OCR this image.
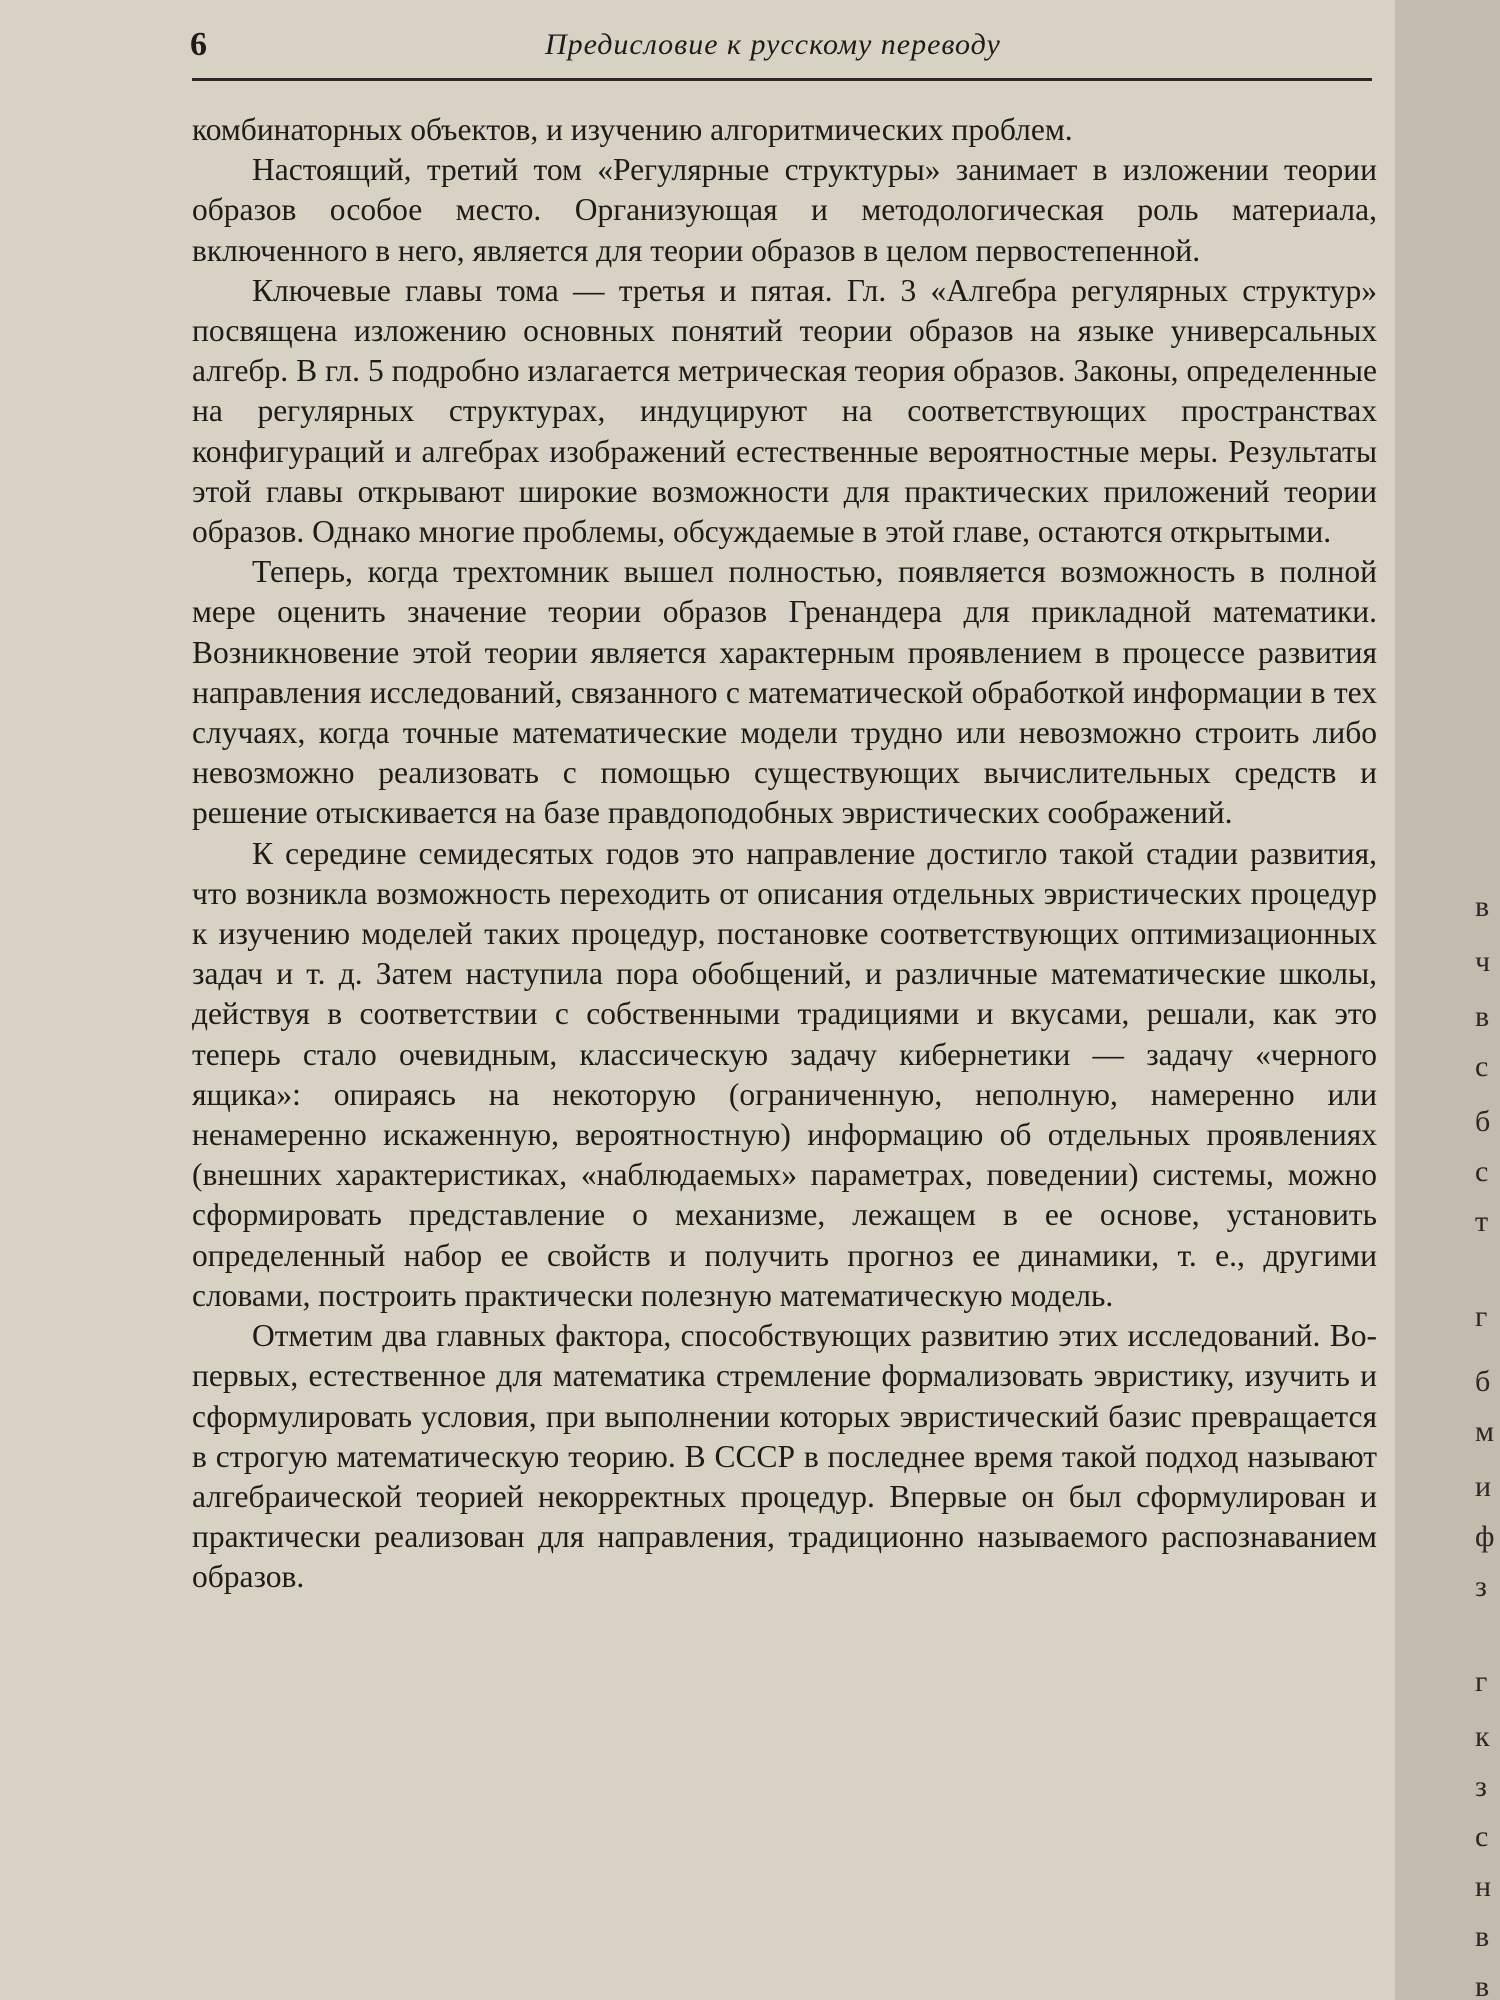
6	Предисловие к русскому переводу

комбинаторных объектов, и изучению алгоритмических проблем.

Настоящий, третий том «Регулярные структуры» занимает в изложении теории образов особое место. Организующая и методологическая роль материала, включенного в него, является для теории образов в целом первостепенной.

Ключевые главы тома — третья и пятая. Гл. 3 «Алгебра регулярных структур» посвящена изложению основных понятий теории образов на языке универсальных алгебр. В гл. 5 подробно излагается метрическая теория образов. Законы, определенные на регулярных структурах, индуцируют на соответствующих пространствах конфигураций и алгебрах изображений естественные вероятностные меры. Результаты этой главы открывают широкие возможности для практических приложений теории образов. Однако многие проблемы, обсуждаемые в этой главе, остаются открытыми.

Теперь, когда трехтомник вышел полностью, появляется возможность в полной мере оценить значение теории образов Гренандера для прикладной математики. Возникновение этой теории является характерным проявлением в процессе развития направления исследований, связанного с математической обработкой информации в тех случаях, когда точные математические модели трудно или невозможно строить либо невозможно реализовать с помощью существующих вычислительных средств и решение отыскивается на базе правдоподобных эвристических соображений.

К середине семидесятых годов это направление достигло такой стадии развития, что возникла возможность переходить от описания отдельных эвристических процедур к изучению моделей таких процедур, постановке соответствующих оптимизационных задач и т. д. Затем наступила пора обобщений, и различные математические школы, действуя в соответствии с собственными традициями и вкусами, решали, как это теперь стало очевидным, классическую задачу кибернетики — задачу «черного ящика»: опираясь на некоторую (ограниченную, неполную, намеренно или ненамеренно искаженную, вероятностную) информацию об отдельных проявлениях (внешних характеристиках, «наблюдаемых» параметрах, поведении) системы, можно сформировать представление о механизме, лежащем в ее основе, установить определенный набор ее свойств и получить прогноз ее динамики, т. е., другими словами, построить практически полезную математическую модель.

Отметим два главных фактора, способствующих развитию этих исследований. Во-первых, естественное для математика стремление формализовать эвристику, изучить и сформулировать условия, при выполнении которых эвристический базис превращается в строгую математическую теорию. В СССР в последнее время такой подход называют алгебраической теорией некорректных процедур. Впервые он был сформулирован и практически реализован для направления, традиционно называемого распознаванием образов.

в
ч
в
с
б
с
т
г
б
м
и
ф
з
г
к
з
с
н
в
в
